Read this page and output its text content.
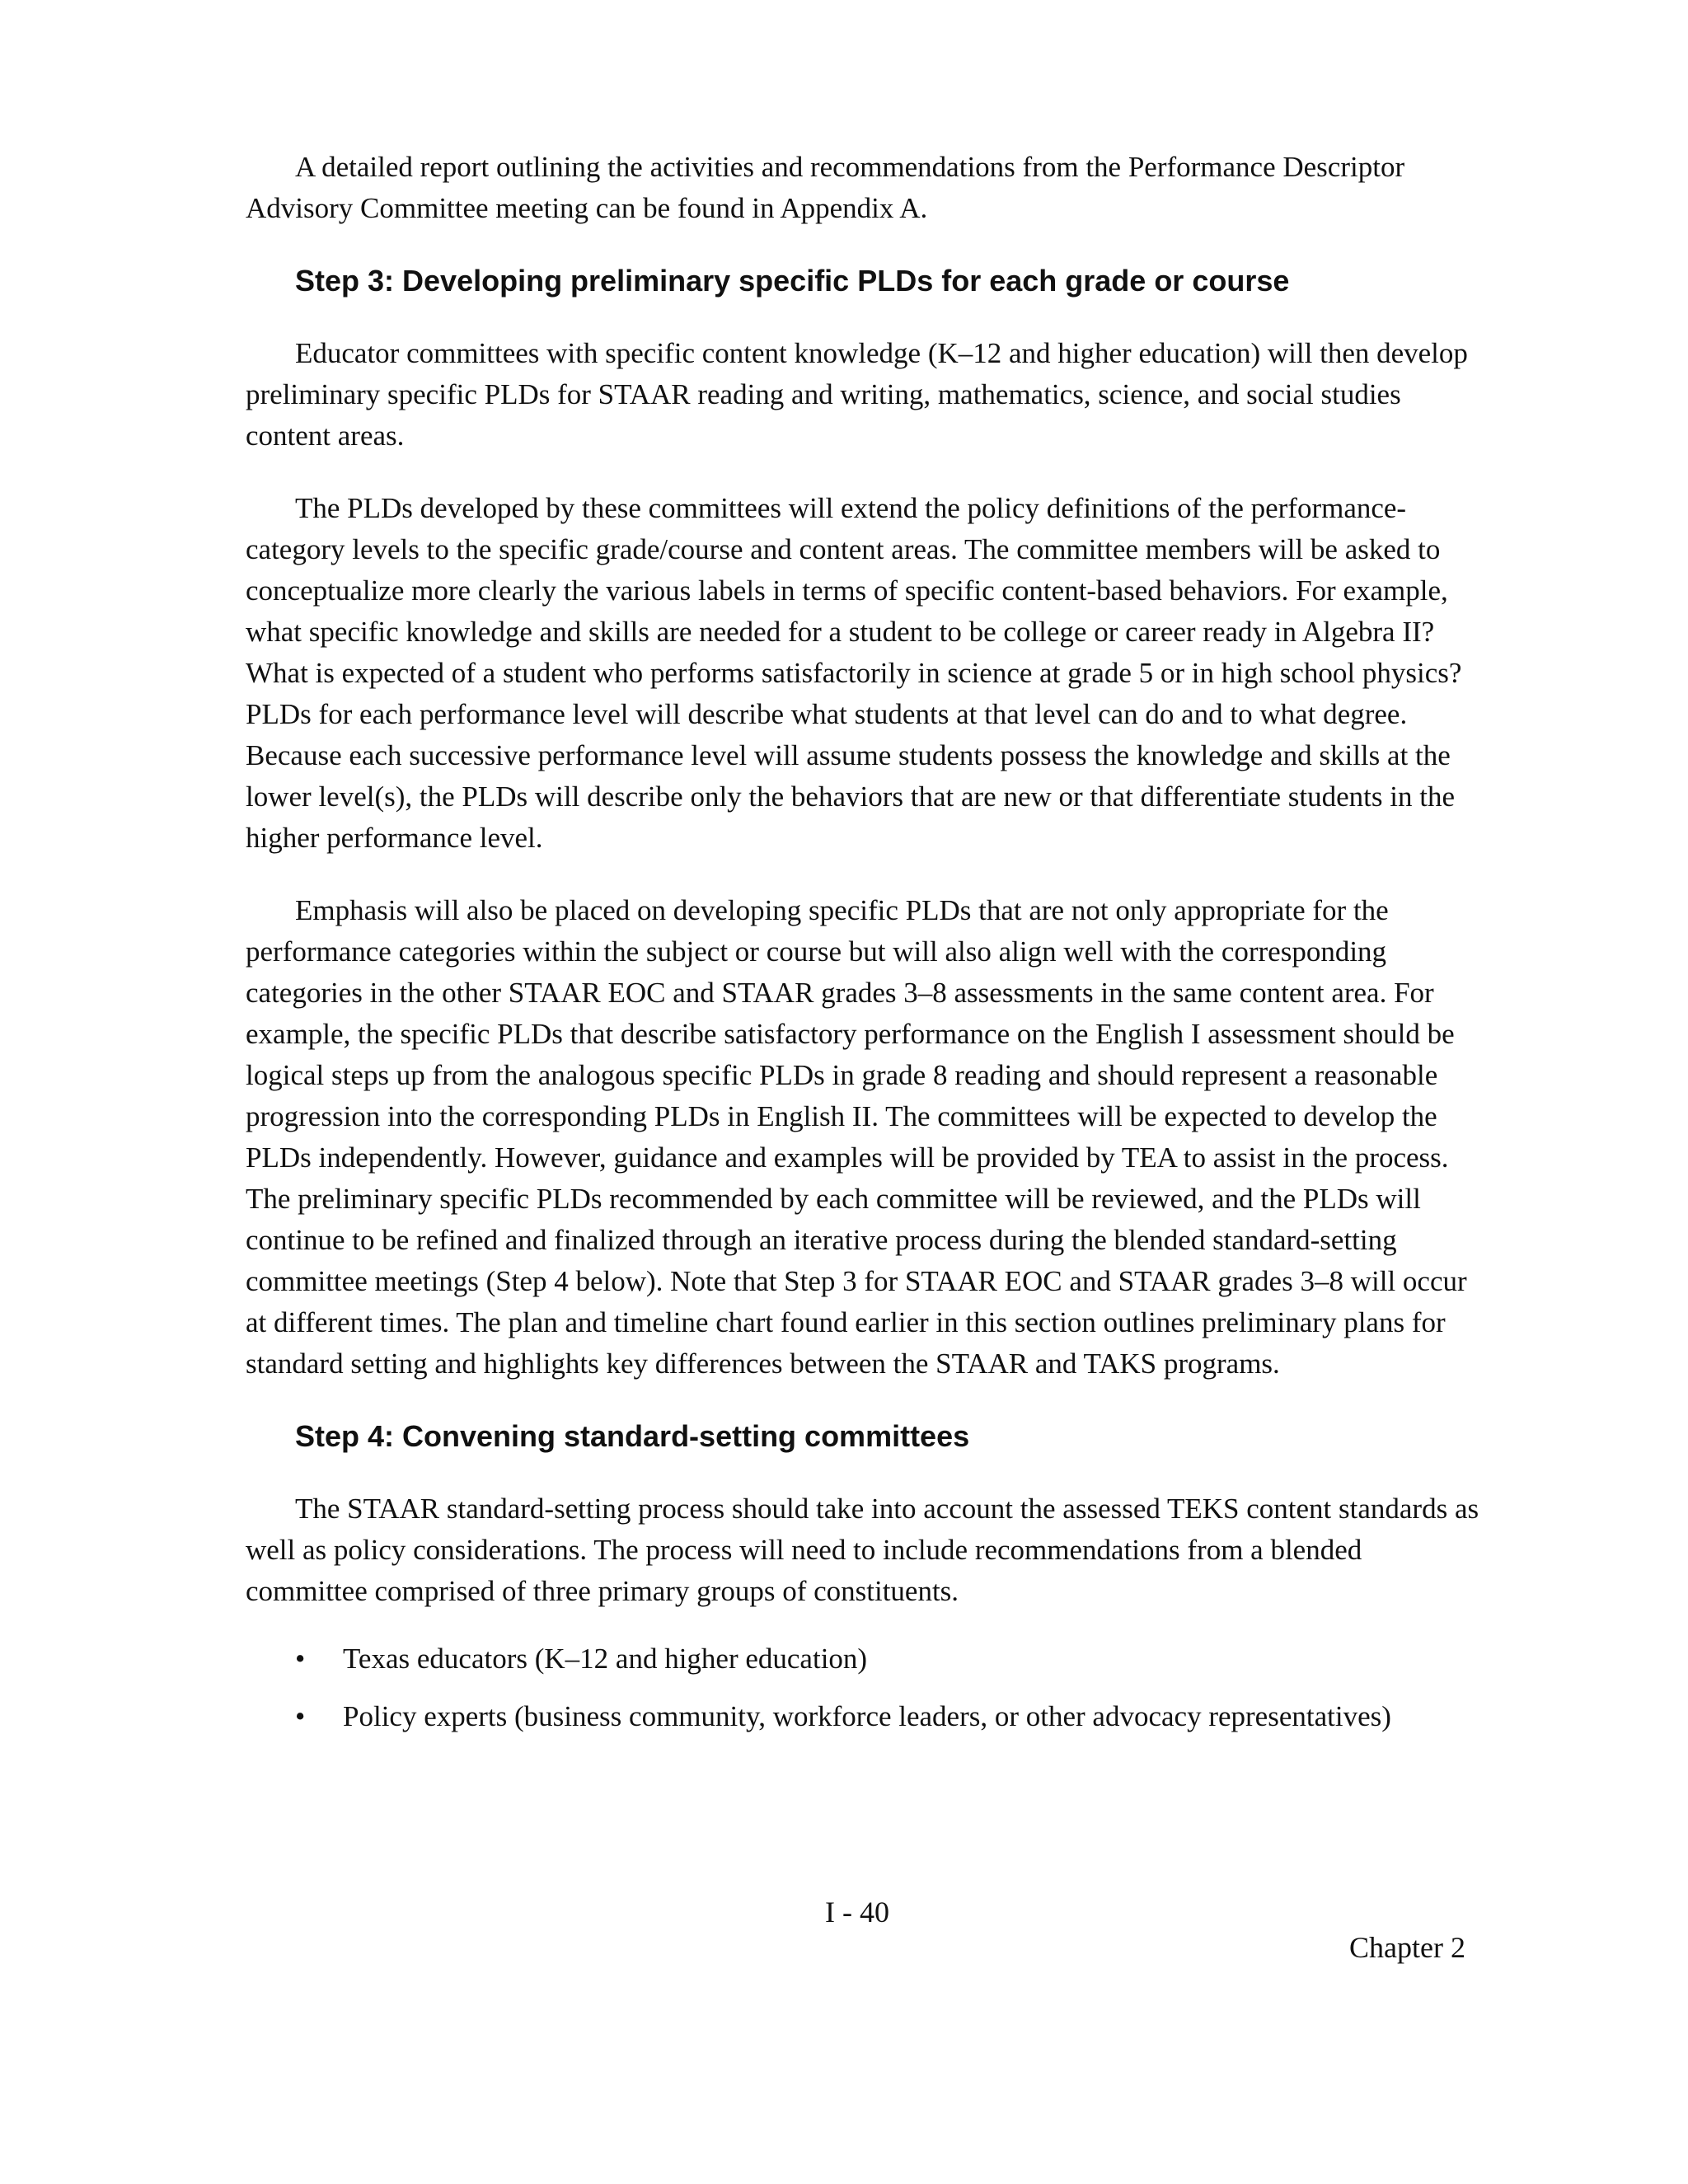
A detailed report outlining the activities and recommendations from the Performance Descriptor Advisory Committee meeting can be found in Appendix A.

Step 3: Developing preliminary specific PLDs for each grade or course

Educator committees with specific content knowledge (K–12 and higher education) will then develop preliminary specific PLDs for STAAR reading and writing, mathematics, science, and social studies content areas.

The PLDs developed by these committees will extend the policy definitions of the performance-category levels to the specific grade/course and content areas. The committee members will be asked to conceptualize more clearly the various labels in terms of specific content-based behaviors. For example, what specific knowledge and skills are needed for a student to be college or career ready in Algebra II? What is expected of a student who performs satisfactorily in science at grade 5 or in high school physics? PLDs for each performance level will describe what students at that level can do and to what degree. Because each successive performance level will assume students possess the knowledge and skills at the lower level(s), the PLDs will describe only the behaviors that are new or that differentiate students in the higher performance level.

Emphasis will also be placed on developing specific PLDs that are not only appropriate for the performance categories within the subject or course but will also align well with the corresponding categories in the other STAAR EOC and STAAR grades 3–8 assessments in the same content area. For example, the specific PLDs that describe satisfactory performance on the English I assessment should be logical steps up from the analogous specific PLDs in grade 8 reading and should represent a reasonable progression into the corresponding PLDs in English II. The committees will be expected to develop the PLDs independently. However, guidance and examples will be provided by TEA to assist in the process. The preliminary specific PLDs recommended by each committee will be reviewed, and the PLDs will continue to be refined and finalized through an iterative process during the blended standard-setting committee meetings (Step 4 below). Note that Step 3 for STAAR EOC and STAAR grades 3–8 will occur at different times. The plan and timeline chart found earlier in this section outlines preliminary plans for standard setting and highlights key differences between the STAAR and TAKS programs.

Step 4: Convening standard-setting committees

The STAAR standard-setting process should take into account the assessed TEKS content standards as well as policy considerations. The process will need to include recommendations from a blended committee comprised of three primary groups of constituents.

• Texas educators (K–12 and higher education)
• Policy experts (business community, workforce leaders, or other advocacy representatives)
I - 40
Chapter 2
